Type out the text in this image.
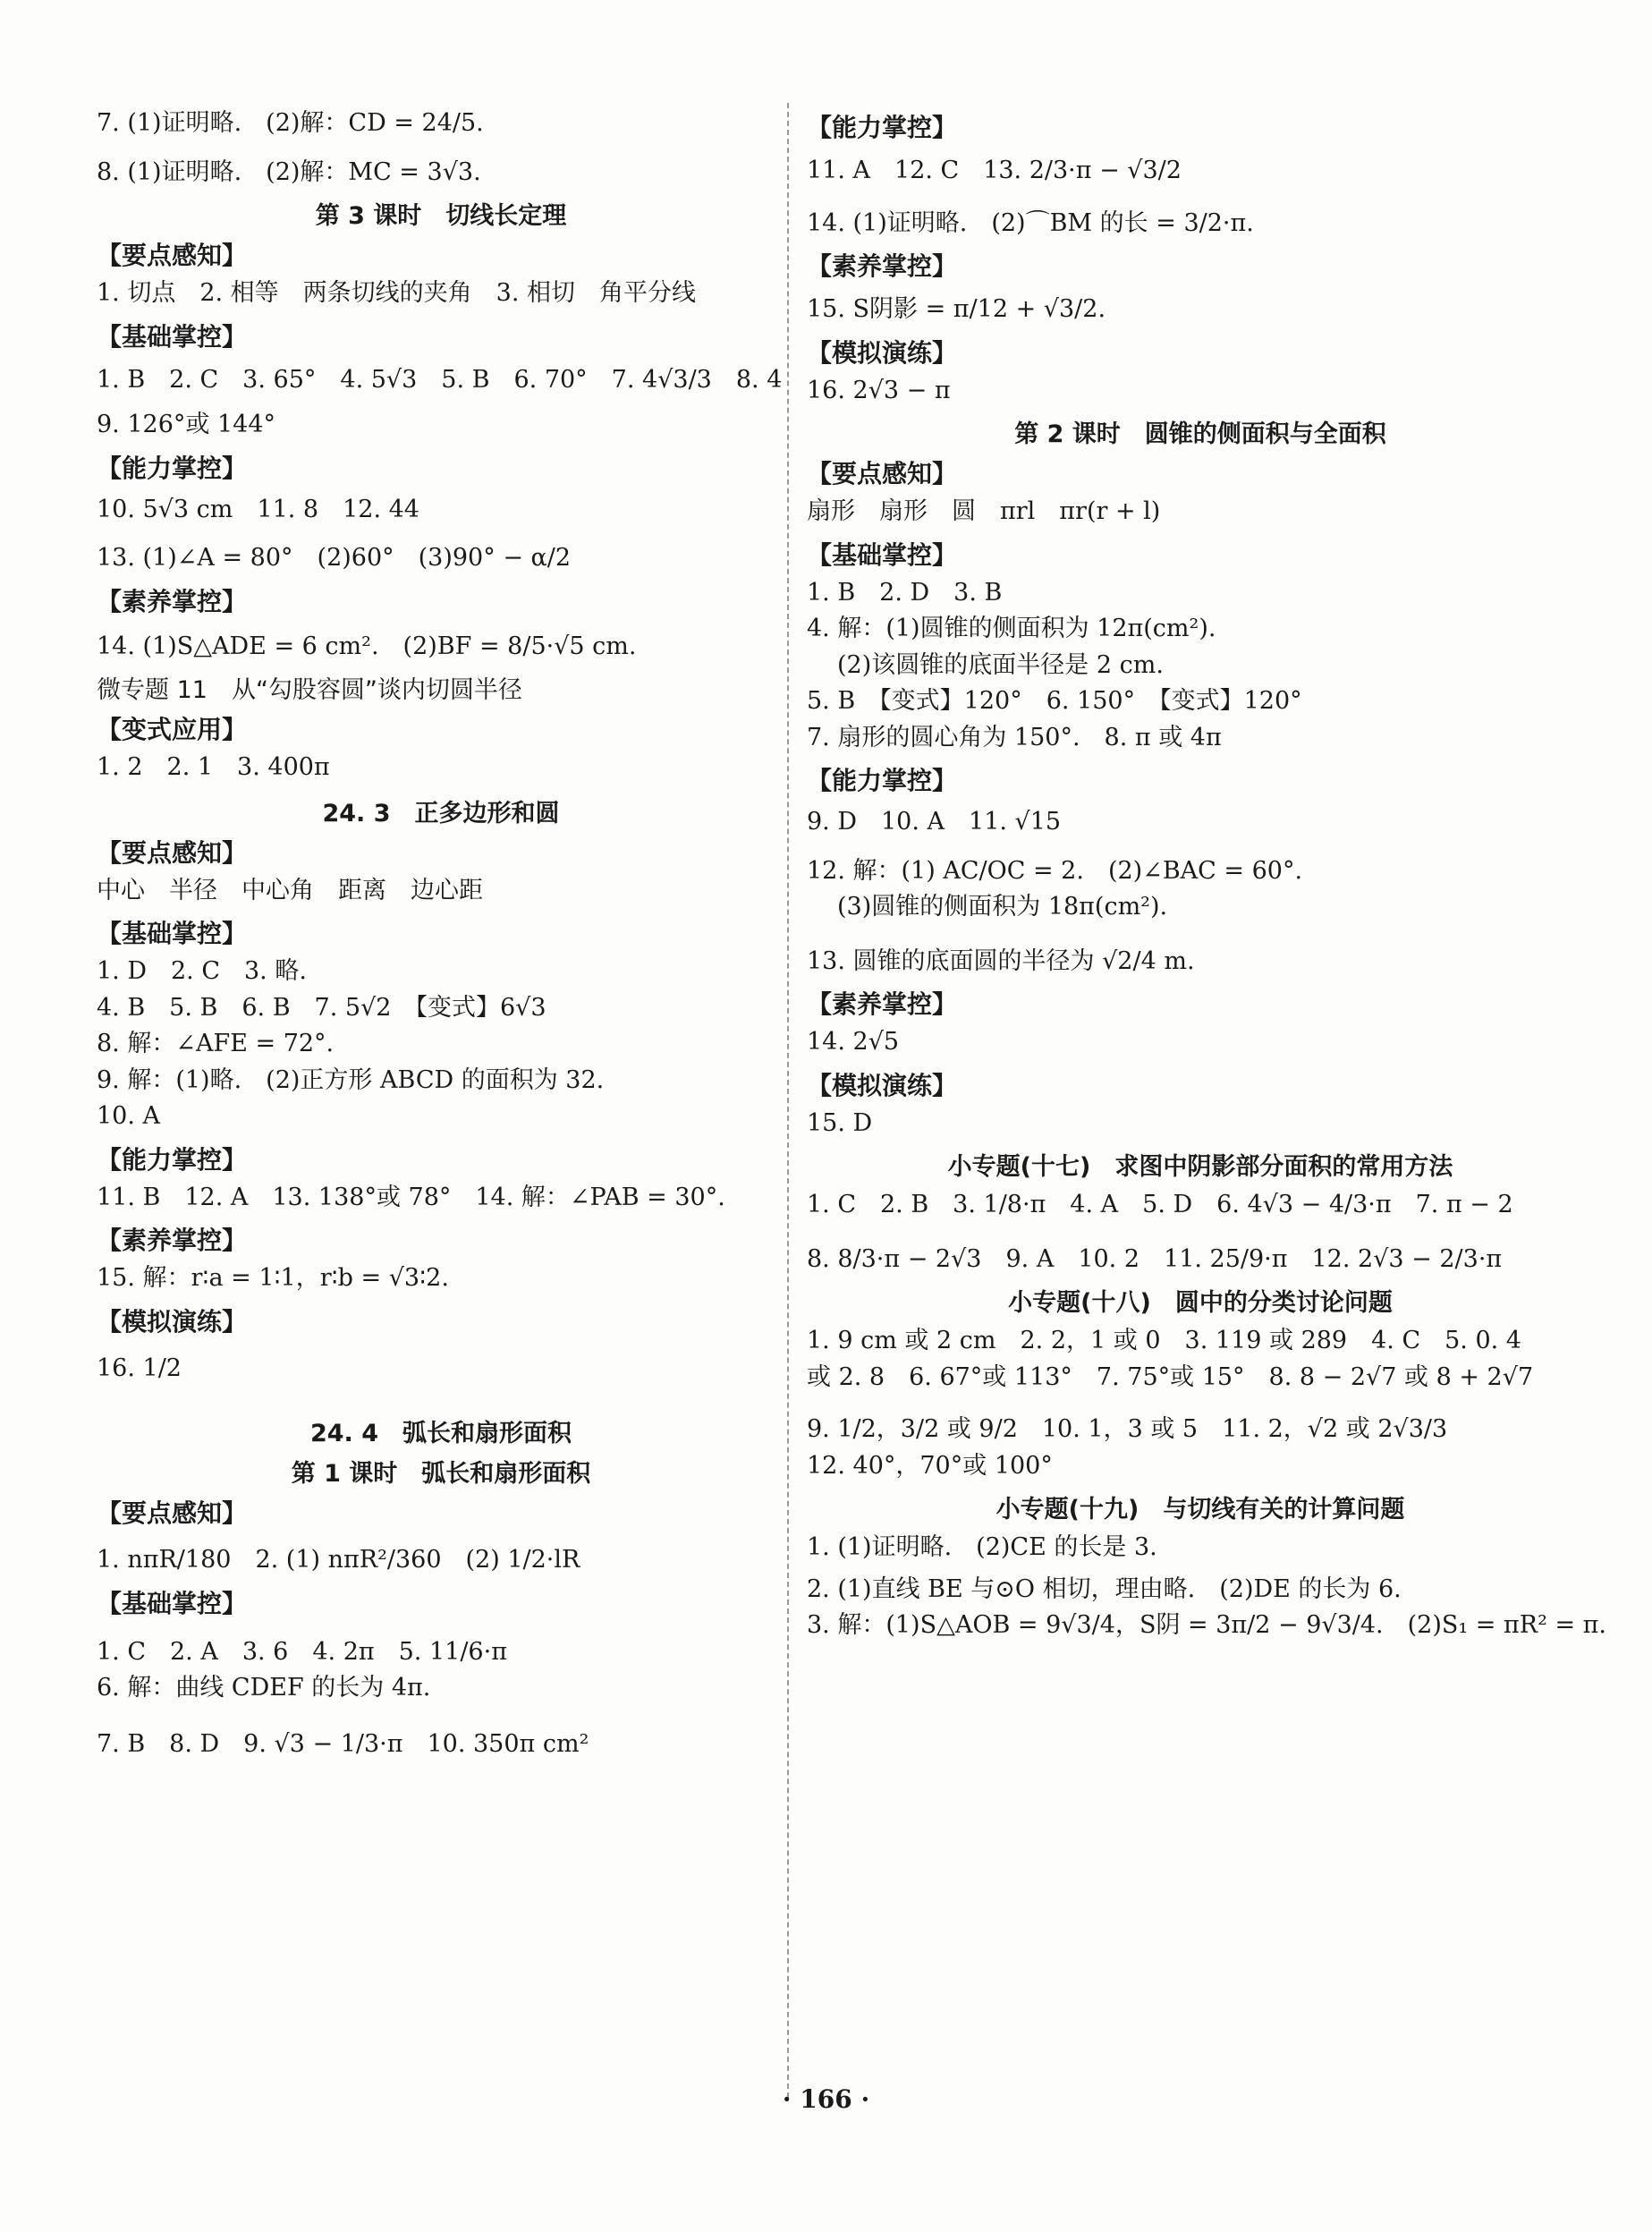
7. (1)证明略.　(2)解：CD = 24/5.
8. (1)证明略.　(2)解：MC = 3√3.
第 3 课时　切线长定理
【要点感知】
1. 切点　2. 相等　两条切线的夹角　3. 相切　角平分线
【基础掌控】
1. B　2. C　3. 65°　4. 5√3　5. B　6. 70°　7. 4√3/3　8. 4
9. 126°或 144°
【能力掌控】
10. 5√3 cm　11. 8　12. 44
13. (1)∠A = 80°　(2)60°　(3)90° − α/2
【素养掌控】
14. (1)S△ADE = 6 cm².　(2)BF = 8/5·√5 cm.
微专题 11　从“勾股容圆”谈内切圆半径
【变式应用】
1. 2　2. 1　3. 400π
24. 3　正多边形和圆
【要点感知】
中心　半径　中心角　距离　边心距
【基础掌控】
1. D　2. C　3. 略.
4. B　5. B　6. B　7. 5√2　【变式】6√3
8. 解：∠AFE = 72°.
9. 解：(1)略.　(2)正方形 ABCD 的面积为 32.
10. A
【能力掌控】
11. B　12. A　13. 138°或 78°　14. 解：∠PAB = 30°.
【素养掌控】
15. 解：r∶a = 1∶1，r∶b = √3∶2.
【模拟演练】
16. 1/2
24. 4　弧长和扇形面积
第 1 课时　弧长和扇形面积
【要点感知】
1. nπR/180　2. (1) nπR²/360　(2) 1/2·lR
【基础掌控】
1. C　2. A　3. 6　4. 2π　5. 11/6·π
6. 解：曲线 CDEF 的长为 4π.
7. B　8. D　9. √3 − 1/3·π　10. 350π cm²
【能力掌控】
11. A　12. C　13. 2/3·π − √3/2
14. (1)证明略.　(2)⌒BM 的长 = 3/2·π.
【素养掌控】
15. S阴影 = π/12 + √3/2.
【模拟演练】
16. 2√3 − π
第 2 课时　圆锥的侧面积与全面积
【要点感知】
扇形　扇形　圆　πrl　πr(r + l)
【基础掌控】
1. B　2. D　3. B
4. 解：(1)圆锥的侧面积为 12π(cm²).
(2)该圆锥的底面半径是 2 cm.
5. B　【变式】120°　6. 150°　【变式】120°
7. 扇形的圆心角为 150°.　8. π 或 4π
【能力掌控】
9. D　10. A　11. √15
12. 解：(1) AC/OC = 2.　(2)∠BAC = 60°.
(3)圆锥的侧面积为 18π(cm²).
13. 圆锥的底面圆的半径为 √2/4 m.
【素养掌控】
14. 2√5
【模拟演练】
15. D
小专题(十七)　求图中阴影部分面积的常用方法
1. C　2. B　3. 1/8·π　4. A　5. D　6. 4√3 − 4/3·π　7. π − 2
8. 8/3·π − 2√3　9. A　10. 2　11. 25/9·π　12. 2√3 − 2/3·π
小专题(十八)　圆中的分类讨论问题
1. 9 cm 或 2 cm　2. 2，1 或 0　3. 119 或 289　4. C　5. 0. 4
或 2. 8　6. 67°或 113°　7. 75°或 15°　8. 8 − 2√7 或 8 + 2√7
9. 1/2，3/2 或 9/2　10. 1，3 或 5　11. 2，√2 或 2√3/3
12. 40°，70°或 100°
小专题(十九)　与切线有关的计算问题
1. (1)证明略.　(2)CE 的长是 3.
2. (1)直线 BE 与⊙O 相切，理由略.　(2)DE 的长为 6.
3. 解：(1)S△AOB = 9√3/4，S阴 = 3π/2 − 9√3/4.　(2)S₁ = πR² = π.
· 166 ·
